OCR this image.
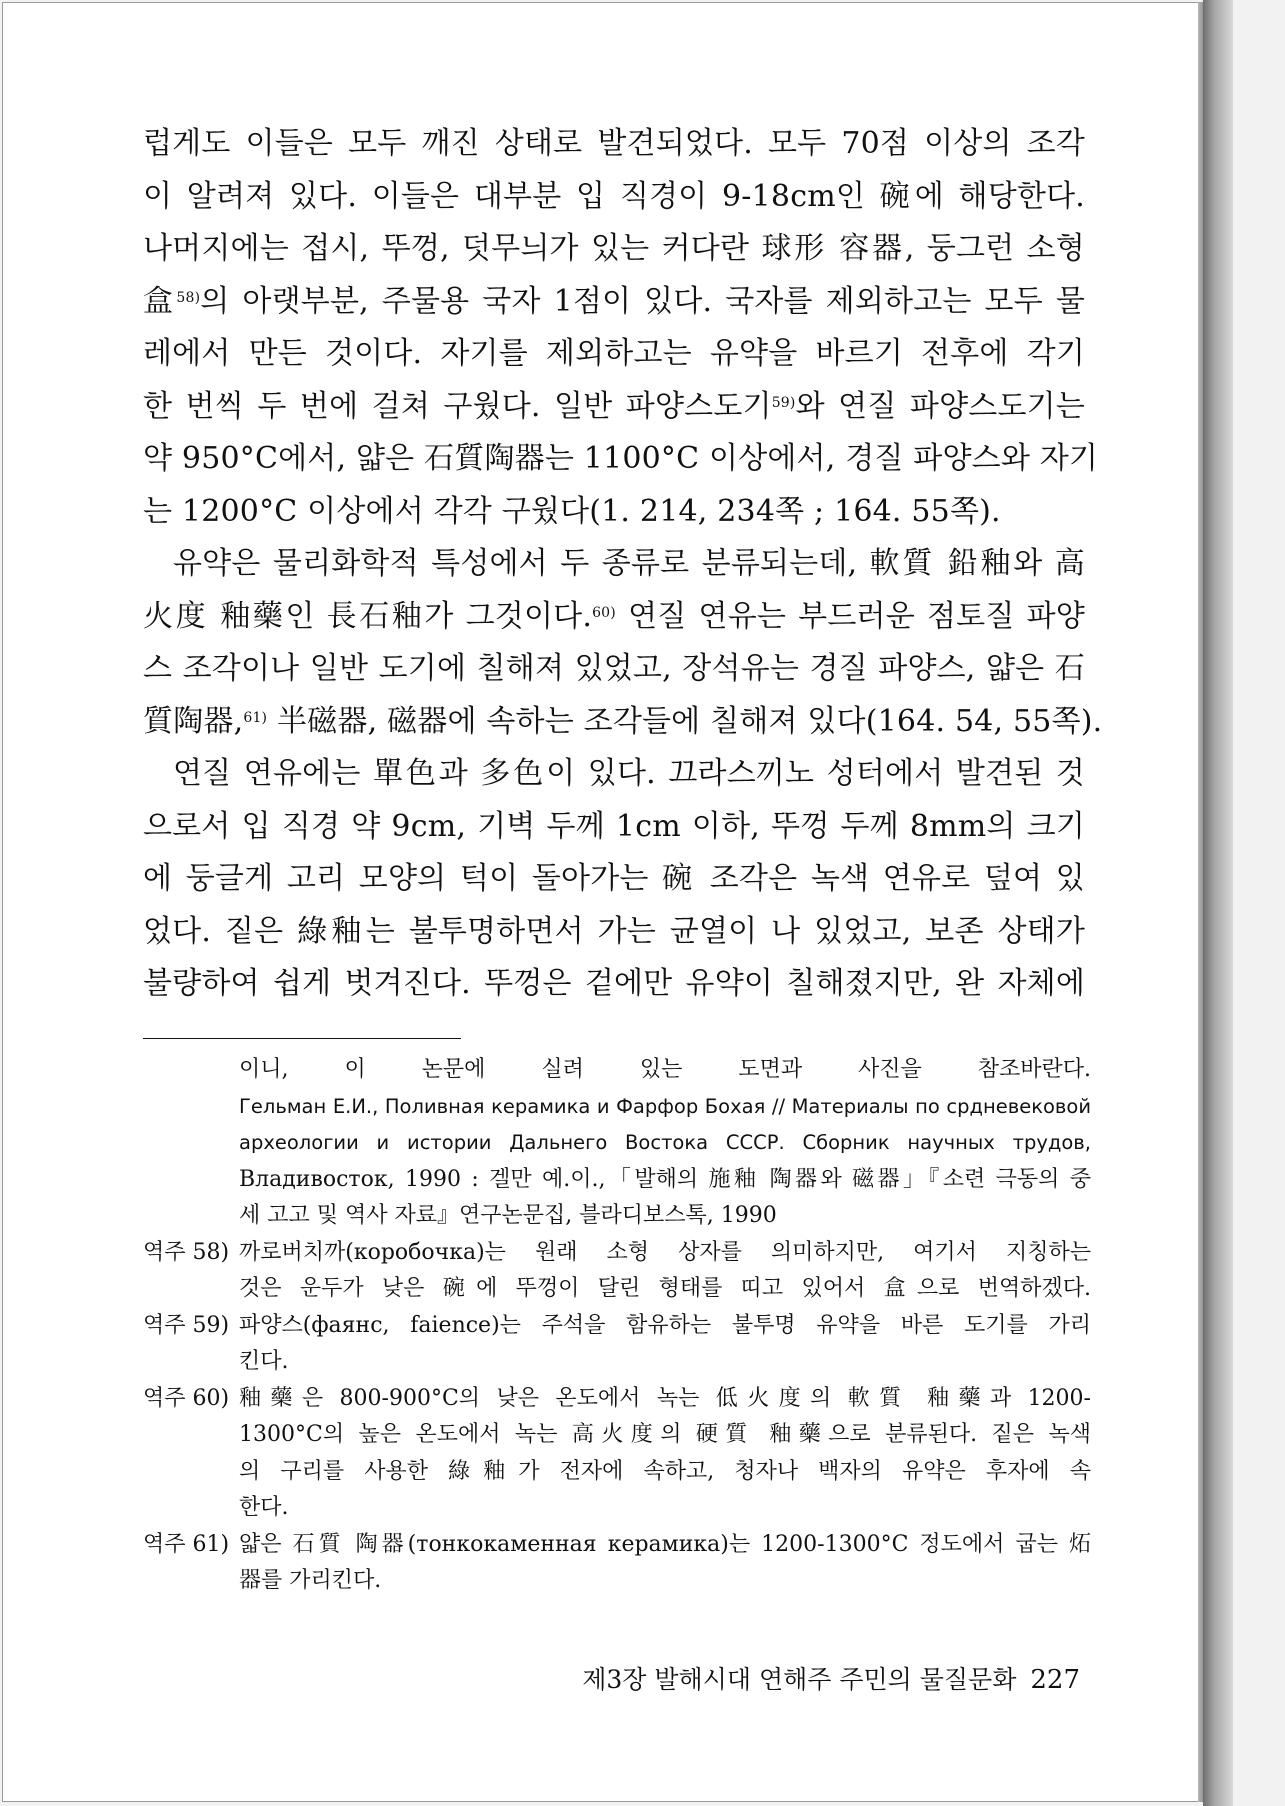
럽게도 이들은 모두 깨진 상태로 발견되었다. 모두 70점 이상의 조각
이 알려져 있다. 이들은 대부분 입 직경이 9-18cm인 碗에 해당한다.
나머지에는 접시, 뚜껑, 덧무늬가 있는 커다란 球形 容器, 둥그런 소형
盒$^{58)}$의 아랫부분, 주물용 국자 1점이 있다. 국자를 제외하고는 모두 물
레에서 만든 것이다. 자기를 제외하고는 유약을 바르기 전후에 각기
한 번씩 두 번에 걸쳐 구웠다. 일반 파양스도기$^{59)}$와 연질 파양스도기는
약 950°C에서, 얇은 石質陶器는 1100°C 이상에서, 경질 파양스와 자기
는 1200°C 이상에서 각각 구웠다(1. 214, 234쪽 ; 164. 55쪽).
유약은 물리화학적 특성에서 두 종류로 분류되는데, 軟質 鉛釉와 高
火度 釉藥인 長石釉가 그것이다.$^{60)}$ 연질 연유는 부드러운 점토질 파양
스 조각이나 일반 도기에 칠해져 있었고, 장석유는 경질 파양스, 얇은 石
質陶器,$^{61)}$ 半磁器, 磁器에 속하는 조각들에 칠해져 있다(164. 54, 55쪽).
연질 연유에는 單色과 多色이 있다. 끄라스끼노 성터에서 발견된 것
으로서 입 직경 약 9cm, 기벽 두께 1cm 이하, 뚜껑 두께 8mm의 크기
에 둥글게 고리 모양의 턱이 돌아가는 碗 조각은 녹색 연유로 덮여 있
었다. 짙은 綠釉는 불투명하면서 가는 균열이 나 있었고, 보존 상태가
불량하여 쉽게 벗겨진다. 뚜껑은 겉에만 유약이 칠해졌지만, 완 자체에
이니, 이 논문에 실려 있는 도면과 사진을 참조바란다.
Гельман Е.И., Поливная керамика и Фарфор Бохая // Материалы по срдневековой
археологии и истории Дальнего Востока СССР. Сборник научных трудов,
Владивосток, 1990 : 겔만 예.이.,「발해의 施釉 陶器와 磁器」『소련 극동의 중
세 고고 및 역사 자료』연구논문집, 블라디보스톡, 1990
역주 58) 까로버치까(коробочка)는 원래 소형 상자를 의미하지만, 여기서 지칭하는
것은 운두가 낮은 碗에 뚜껑이 달린 형태를 띠고 있어서 盒으로 번역하겠다.
역주 59) 파양스(фаянс, faience)는 주석을 함유하는 불투명 유약을 바른 도기를 가리
킨다.
역주 60) 釉藥은 800-900°C의 낮은 온도에서 녹는 低火度의 軟質 釉藥과 1200-
1300°C의 높은 온도에서 녹는 高火度의 硬質 釉藥으로 분류된다. 짙은 녹색
의 구리를 사용한 綠釉가 전자에 속하고, 청자나 백자의 유약은 후자에 속
한다.
역주 61) 얇은 石質 陶器(тонкокаменная керамика)는 1200-1300°C 정도에서 굽는 炻
器를 가리킨다.
제3장 발해시대 연해주 주민의 물질문화 227
